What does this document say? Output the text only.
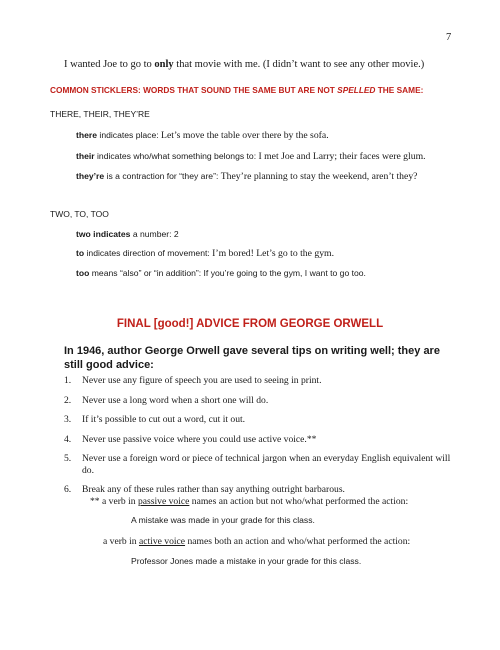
7
I wanted Joe to go to only that movie with me. (I didn’t want to see any other movie.)
COMMON STICKLERS: WORDS THAT SOUND THE SAME BUT ARE NOT SPELLED THE SAME:
THERE, THEIR, THEY’RE
there indicates place: Let’s move the table over there by the sofa.
their indicates who/what something belongs to: I met Joe and Larry; their faces were glum.
they’re is a contraction for “they are”: They’re planning to stay the weekend, aren’t they?
TWO, TO, TOO
two indicates a number: 2
to indicates direction of movement: I’m bored! Let’s go to the gym.
too means “also” or “in addition”: If you’re going to the gym, I want to go too.
FINAL [good!] ADVICE FROM GEORGE ORWELL
In 1946, author George Orwell gave several tips on writing well; they are still good advice:
1. Never use any figure of speech you are used to seeing in print.
2. Never use a long word when a short one will do.
3. If it’s possible to cut out a word, cut it out.
4. Never use passive voice where you could use active voice.**
5. Never use a foreign word or piece of technical jargon when an everyday English equivalent will do.
6. Break any of these rules rather than say anything outright barbarous.
** a verb in passive voice names an action but not who/what performed the action:
A mistake was made in your grade for this class.
a verb in active voice names both an action and who/what performed the action:
Professor Jones made a mistake in your grade for this class.
